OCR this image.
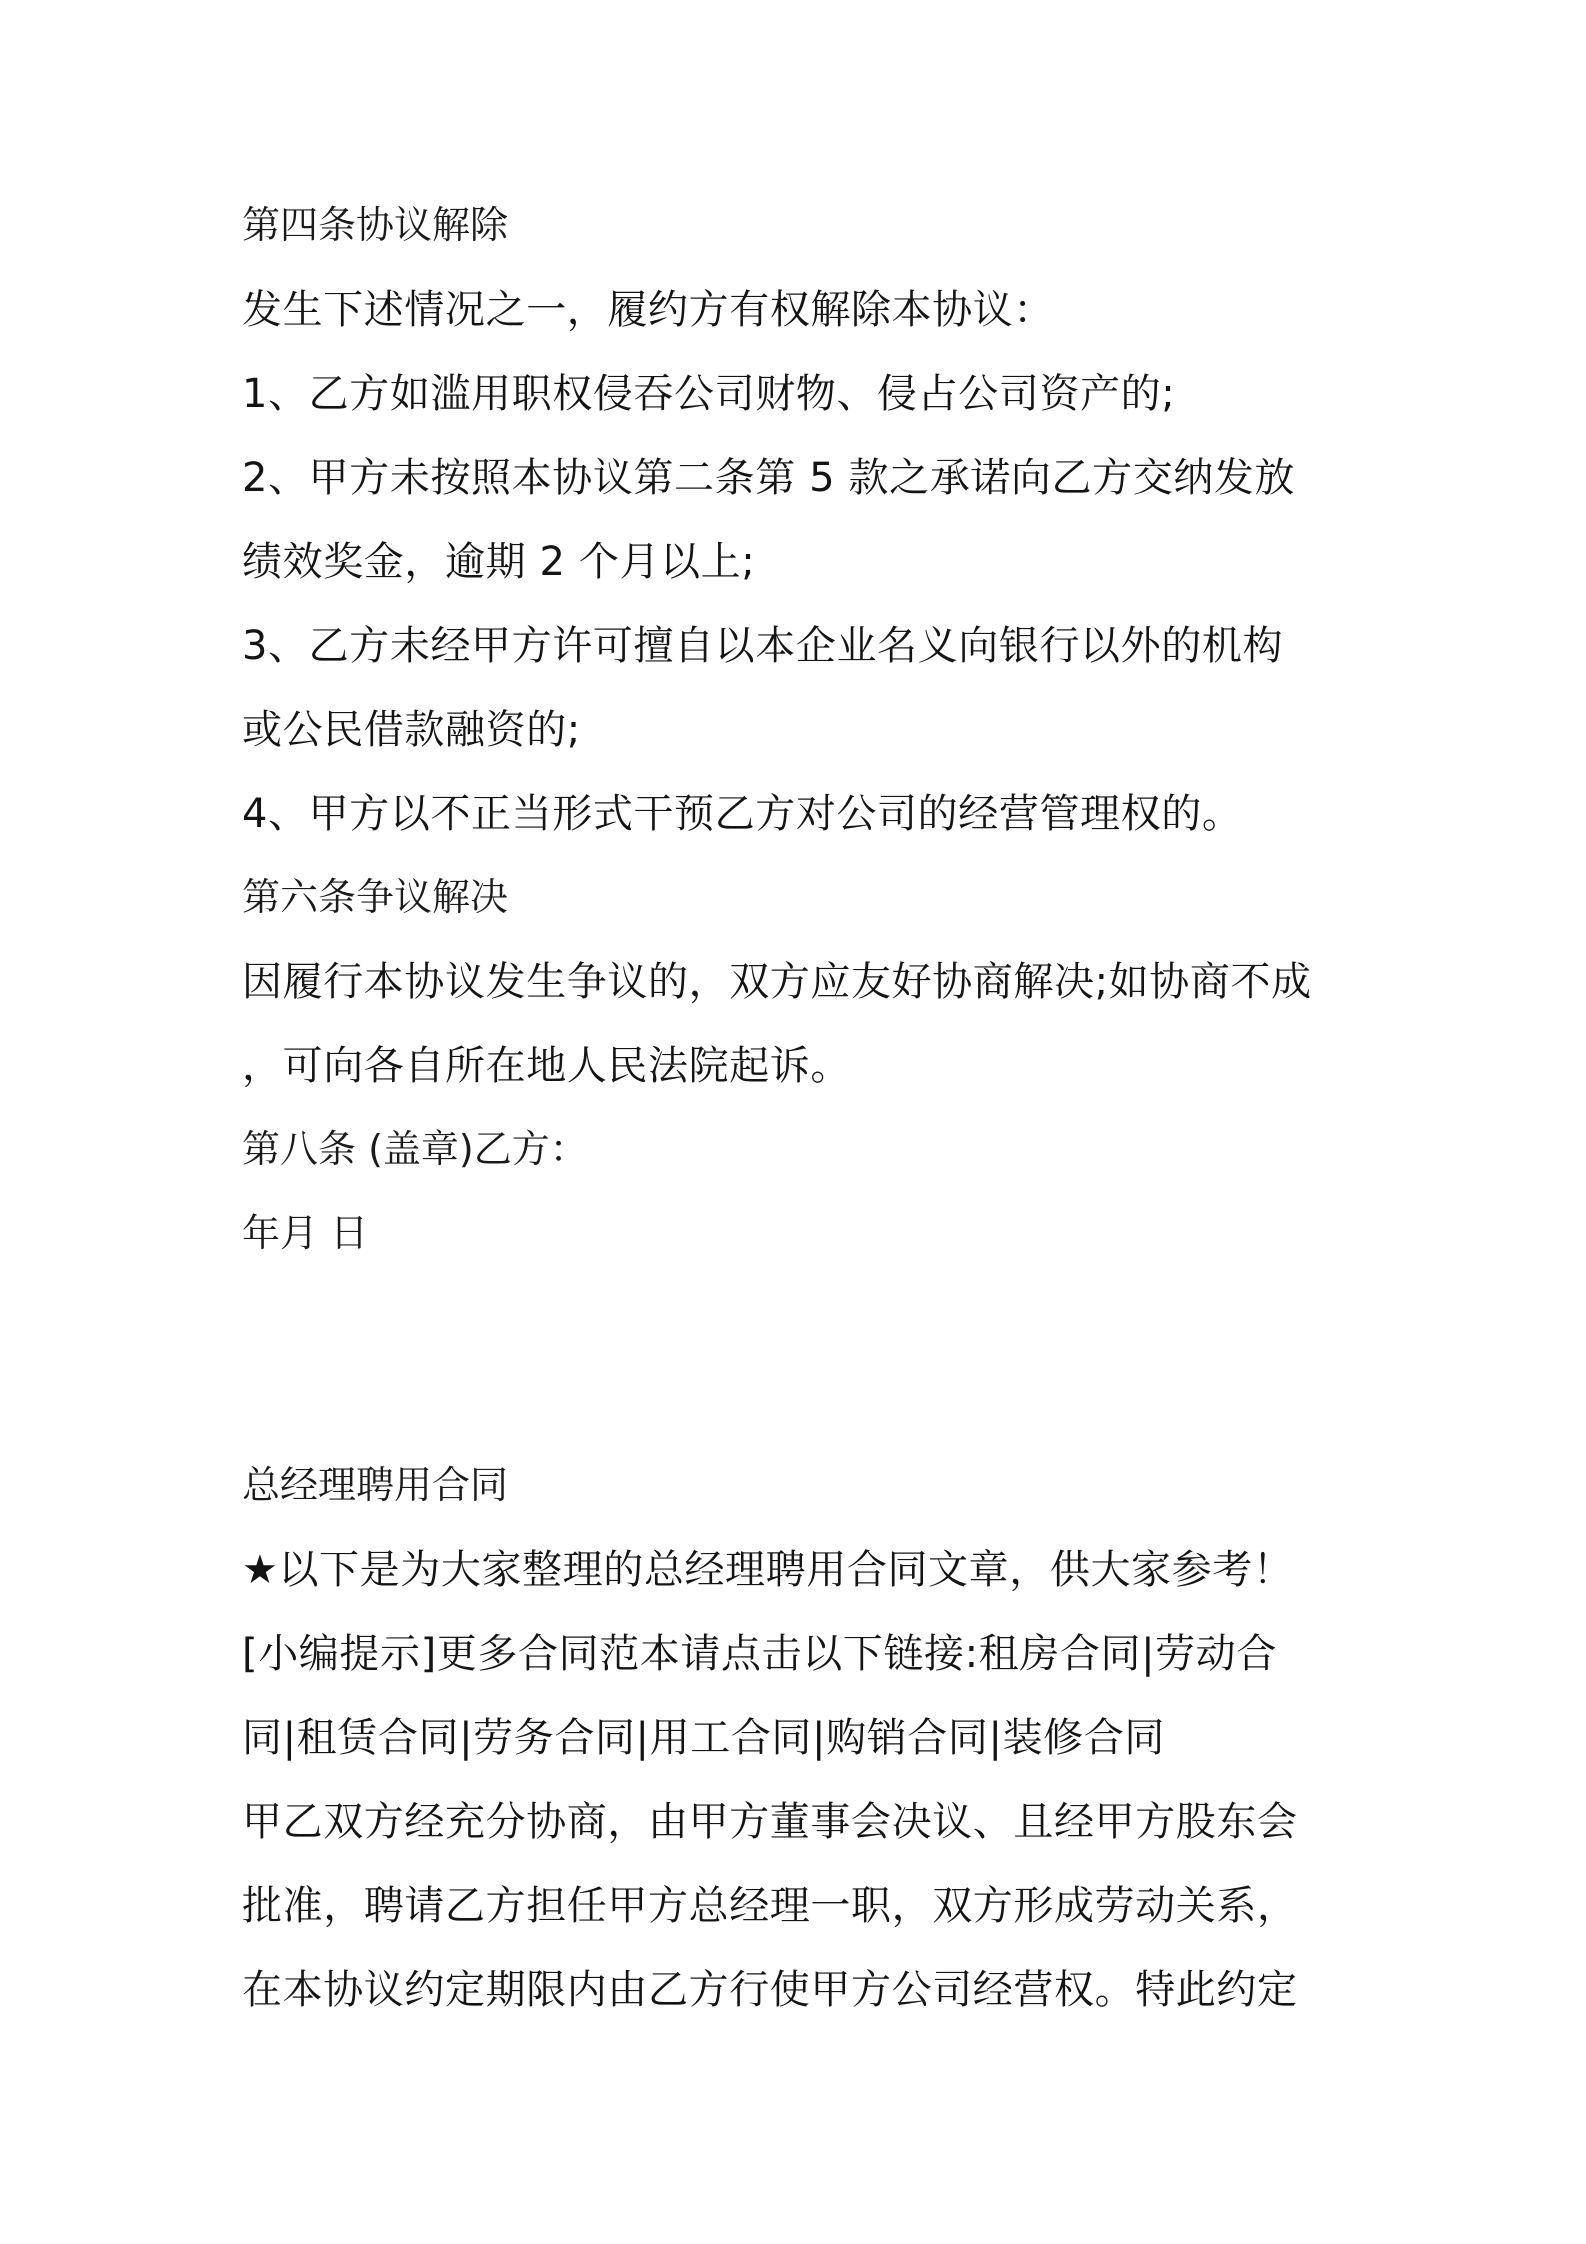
第四条协议解除

发生下述情况之一，履约方有权解除本协议：

1、乙方如滥用职权侵吞公司财物、侵占公司资产的;

2、甲方未按照本协议第二条第 5 款之承诺向乙方交纳发放

绩效奖金，逾期 2 个月以上;

3、乙方未经甲方许可擅自以本企业名义向银行以外的机构

或公民借款融资的;

4、甲方以不正当形式干预乙方对公司的经营管理权的。

第六条争议解决

因履行本协议发生争议的，双方应友好协商解决;如协商不成

，可向各自所在地人民法院起诉。

第八条 (盖章)乙方：

年月 日

总经理聘用合同

★以下是为大家整理的总经理聘用合同文章，供大家参考！

[小编提示]更多合同范本请点击以下链接:租房合同|劳动合

同|租赁合同|劳务合同|用工合同|购销合同|装修合同

甲乙双方经充分协商，由甲方董事会决议、且经甲方股东会

批准，聘请乙方担任甲方总经理一职，双方形成劳动关系，

在本协议约定期限内由乙方行使甲方公司经营权。特此约定
